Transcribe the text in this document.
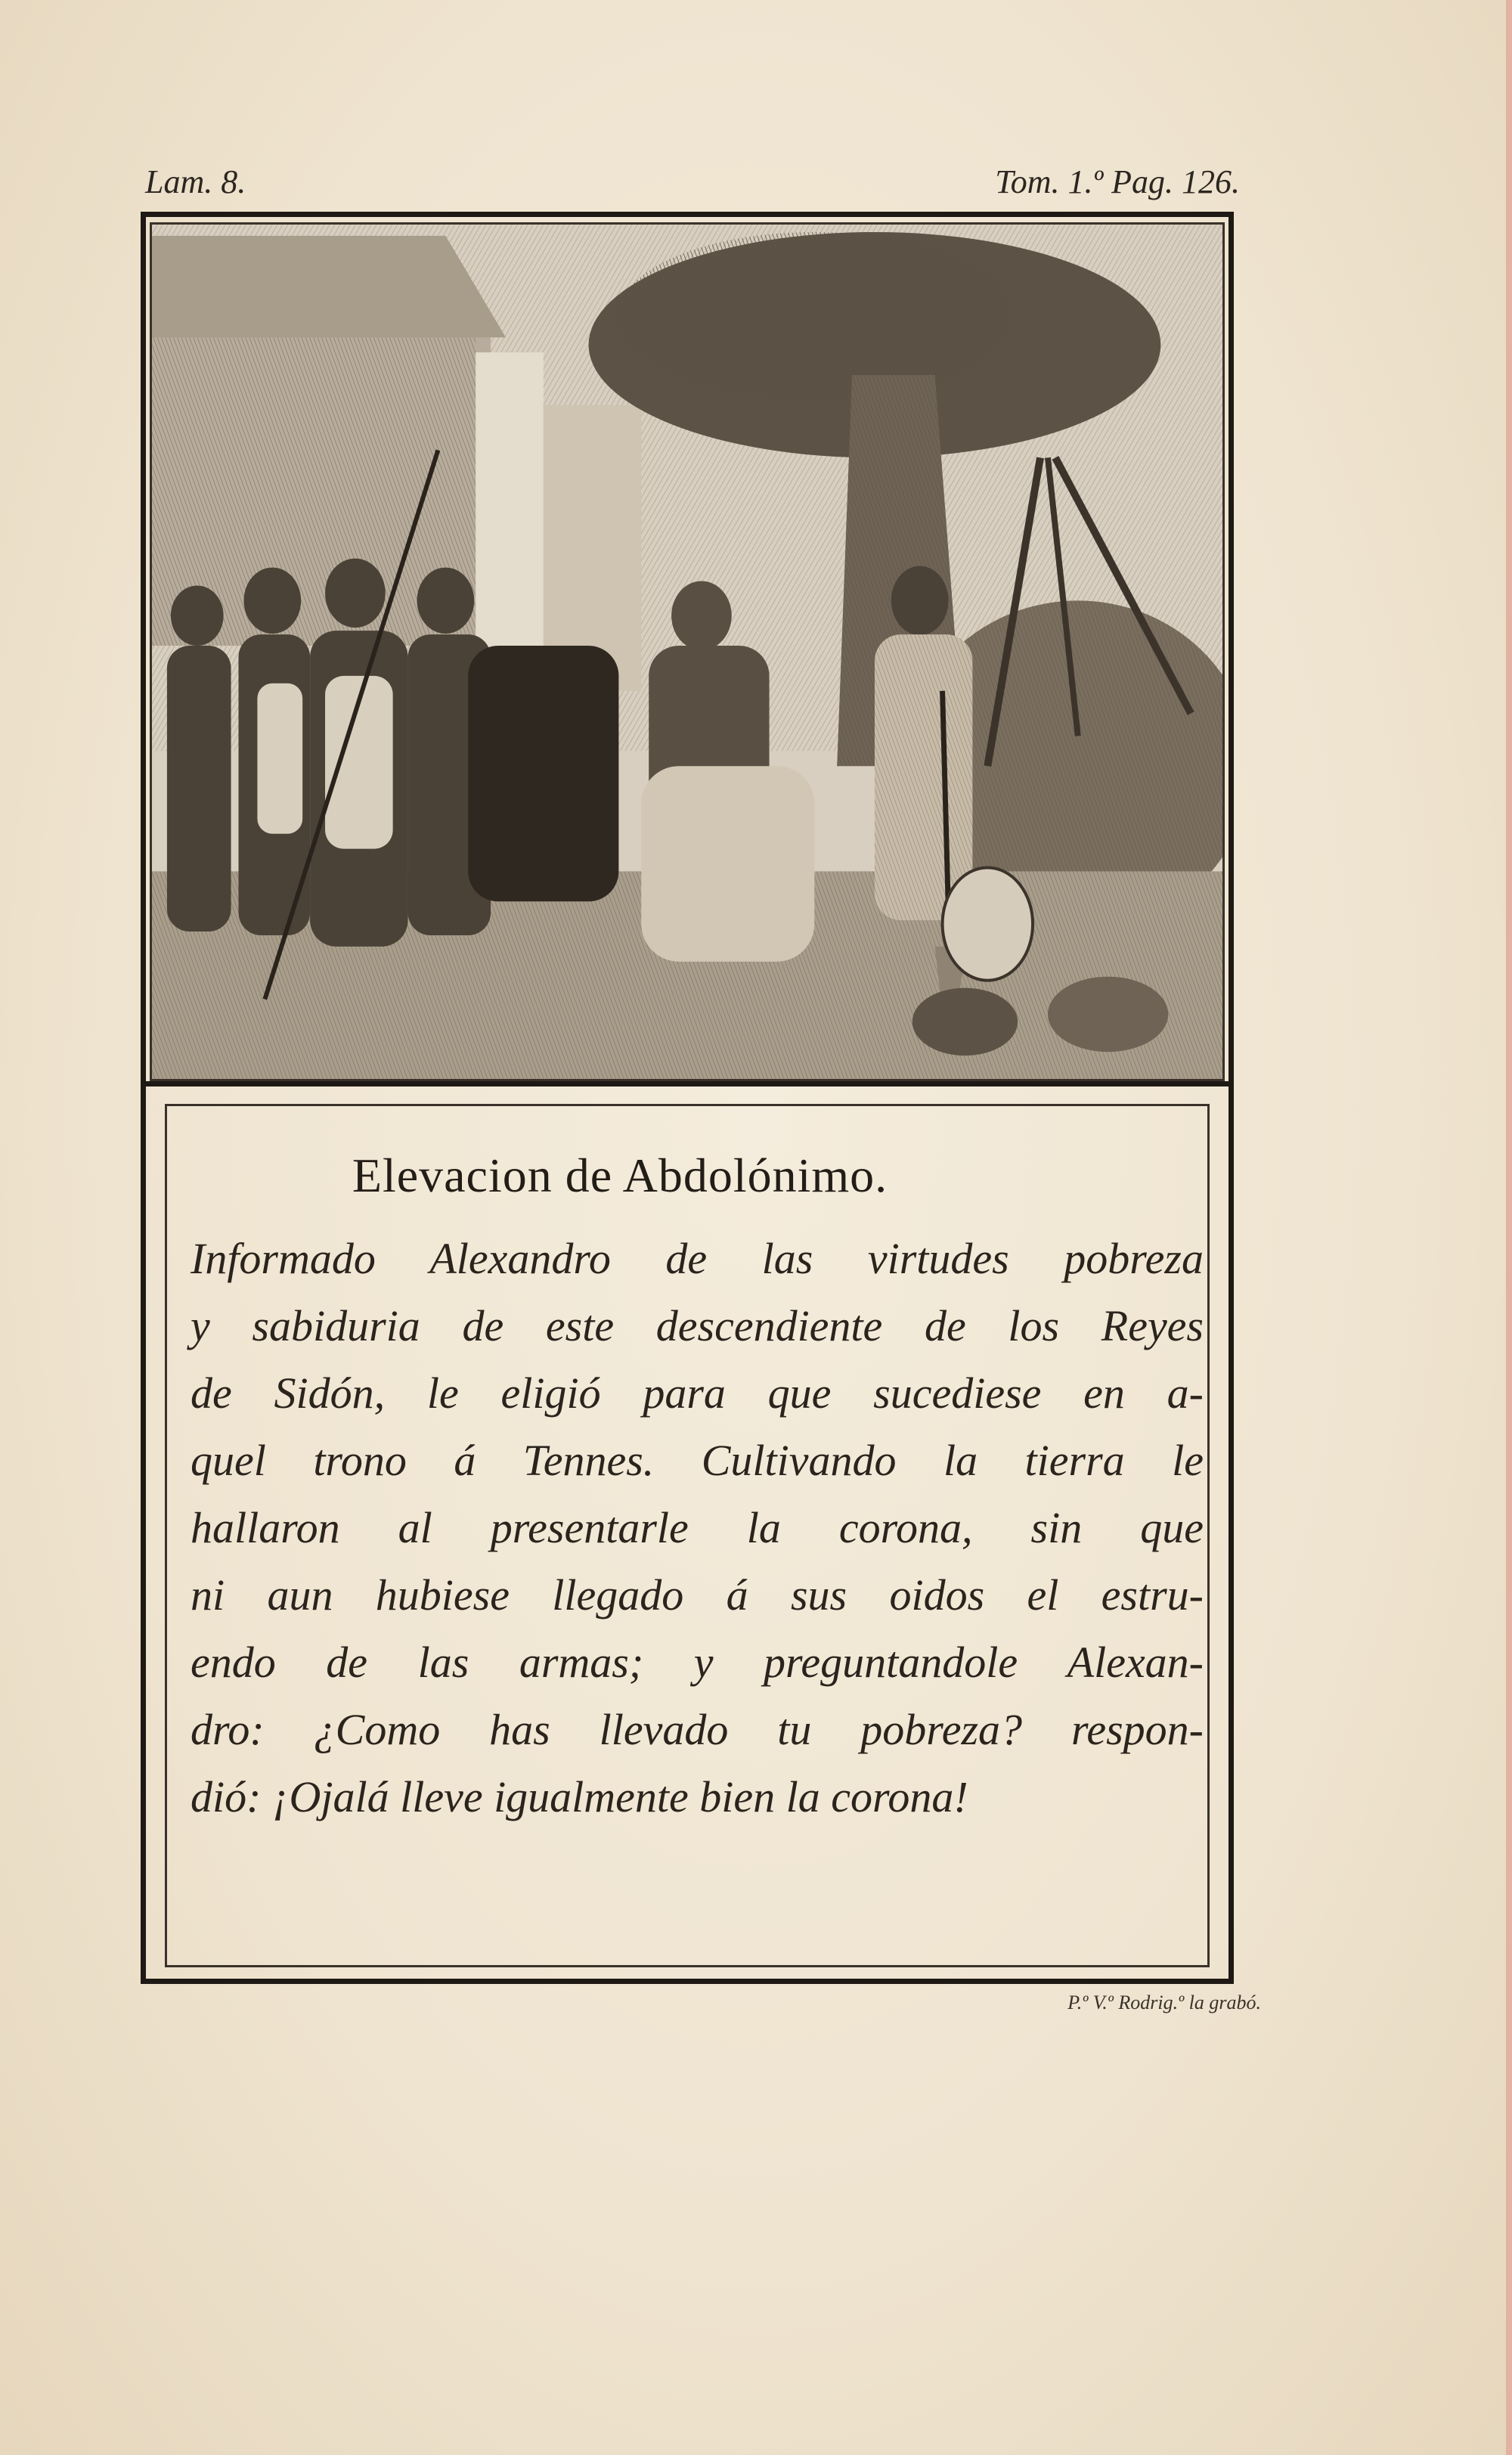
Lam. 8.	Tom. 1.º Pag. 126.
Elevacion de Abdolónimo.
Informado Alexandro de las virtudes pobreza
y sabiduria de este descendiente de los Reyes
de Sidón, le eligió para que sucediese en a-
quel trono á Tennes. Cultivando la tierra le
hallaron al presentarle la corona, sin que
ni aun hubiese llegado á sus oidos el estru-
endo de las armas; y preguntandole Alexan-
dro: ¿Como has llevado tu pobreza? respon-
dió: ¡Ojalá lleve igualmente bien la corona!
P.º V.º Rodrig.º la grabó.
